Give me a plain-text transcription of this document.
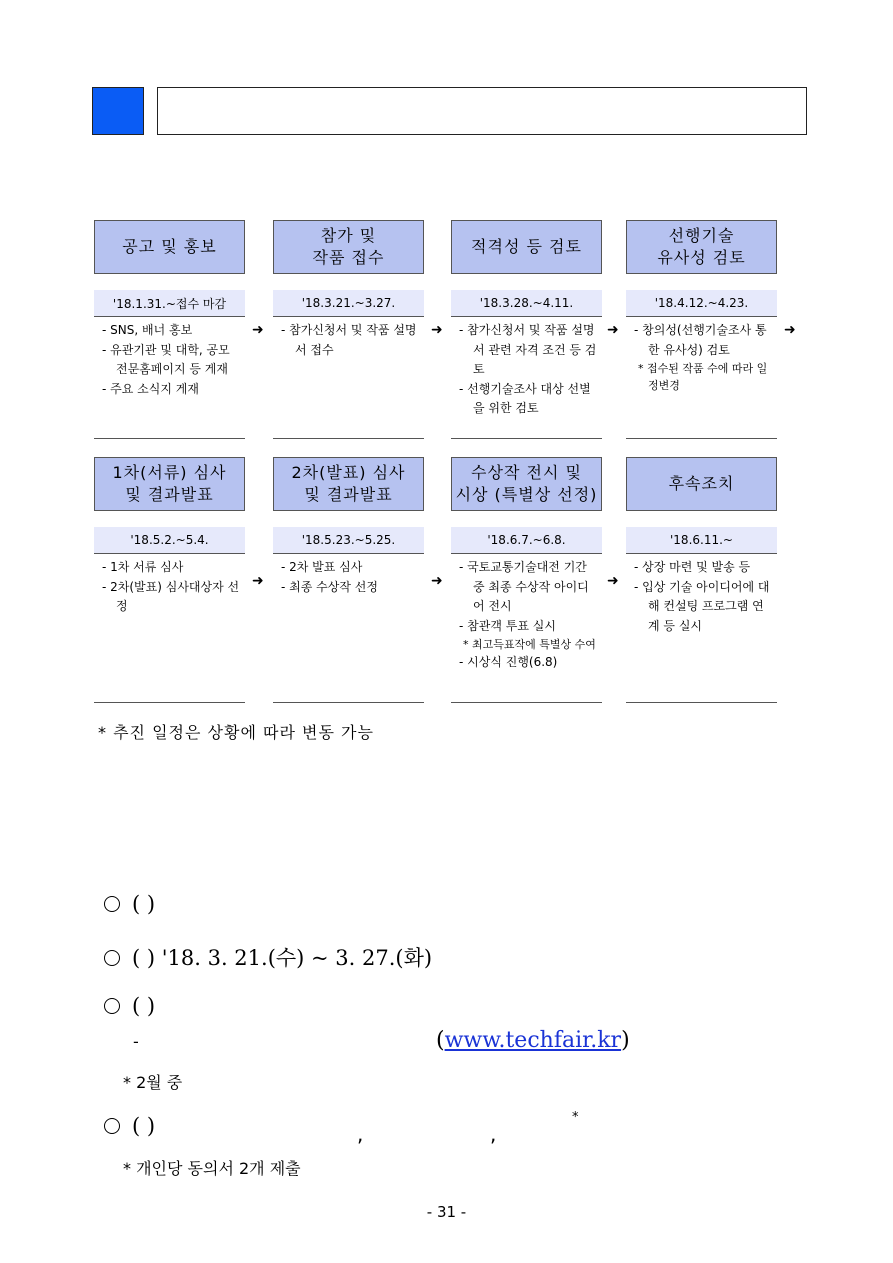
공고 및 홍보
'18.1.31.~접수 마감
- SNS, 배너 홍보
- 유관기관 및 대학, 공모전문홈페이지 등 게재
- 주요 소식지 게재
참가 및
작품 접수
'18.3.21.~3.27.
- 참가신청서 및 작품 설명서 접수
적격성 등 검토
'18.3.28.~4.11.
- 참가신청서 및 작품 설명서 관련 자격 조건 등 검토
- 선행기술조사 대상 선별을 위한 검토
선행기술
유사성 검토
'18.4.12.~4.23.
- 창의성(선행기술조사 통한 유사성) 검토
* 접수된 작품 수에 따라 일정변경
➜	➜	➜	➜
1차(서류) 심사
및 결과발표
'18.5.2.~5.4.
- 1차 서류 심사
- 2차(발표) 심사대상자 선정
2차(발표) 심사
및 결과발표
'18.5.23.~5.25.
- 2차 발표 심사
- 최종 수상작 선정
수상작 전시 및
시상 (특별상 선정)
'18.6.7.~6.8.
- 국토교통기술대전 기간 중 최종 수상작 아이디어 전시
- 참관객 투표 실시
* 최고득표작에 특별상 수여
- 시상식 진행(6.8)
후속조치
'18.6.11.~
- 상장 마련 및 발송 등
- 입상 기술 아이디어에 대해 컨설팅 프로그램 연계 등 실시
➜	➜	➜
* 추진 일정은 상황에 따라 변동 가능
( )
( ) '18. 3. 21.(수) ~ 3. 27.(화)
( )
-	(www.techfair.kr)
* 2월 중
( )	,	,
*
* 개인당 동의서 2개 제출
- 31 -
